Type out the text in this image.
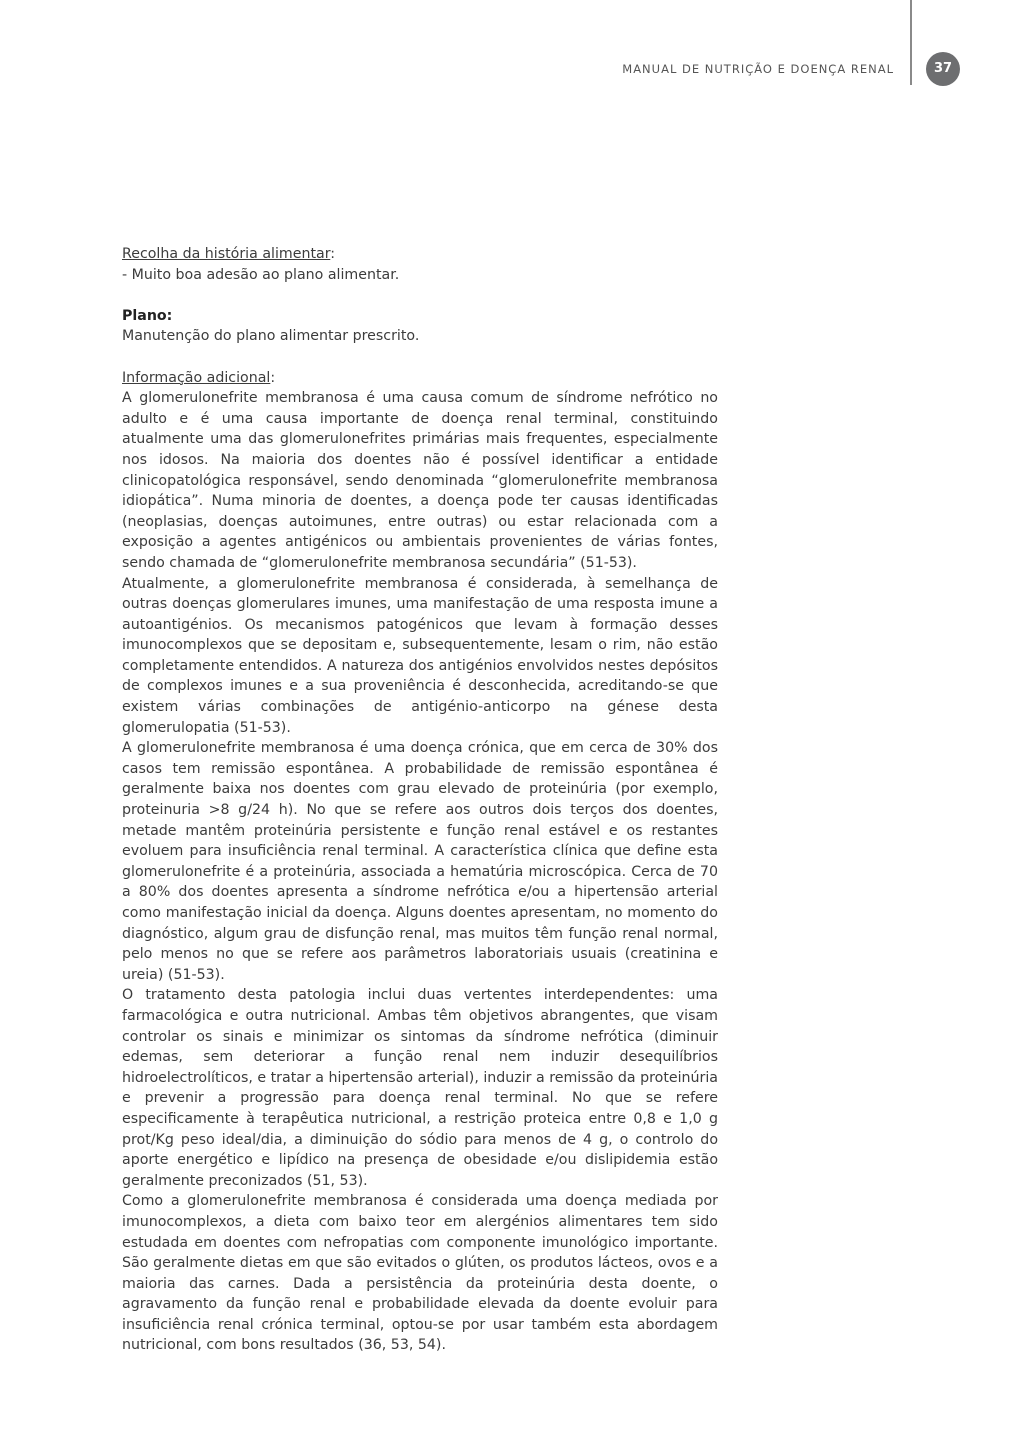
MANUAL DE NUTRIÇÃO E DOENÇA RENAL	37

Recolha da história alimentar:

- Muito boa adesão ao plano alimentar.

Plano:

Manutenção do plano alimentar prescrito.

Informação adicional:

A glomerulonefrite membranosa é uma causa comum de síndrome nefrótico no adulto e é uma causa importante de doença renal terminal, constituindo atualmente uma das glomerulonefrites primárias mais frequentes, especialmente nos idosos. Na maioria dos doentes não é possível identificar a entidade clinicopatológica responsável, sendo denominada “glomerulonefrite membranosa idiopática”. Numa minoria de doentes, a doença pode ter causas identificadas (neoplasias, doenças autoimunes, entre outras) ou estar relacionada com a exposição a agentes antigénicos ou ambientais provenientes de várias fontes, sendo chamada de “glomerulonefrite membranosa secundária” (51-53).

Atualmente, a glomerulonefrite membranosa é considerada, à semelhança de outras doenças glomerulares imunes, uma manifestação de uma resposta imune a autoantigénios. Os mecanismos patogénicos que levam à formação desses imunocomplexos que se depositam e, subsequentemente, lesam o rim, não estão completamente entendidos. A natureza dos antigénios envolvidos nestes depósitos de complexos imunes e a sua proveniência é desconhecida, acreditando-se que existem várias combinações de antigénio-anticorpo na génese desta glomerulopatia (51-53).

A glomerulonefrite membranosa é uma doença crónica, que em cerca de 30% dos casos tem remissão espontânea. A probabilidade de remissão espontânea é geralmente baixa nos doentes com grau elevado de proteinúria (por exemplo, proteinuria >8 g/24 h). No que se refere aos outros dois terços dos doentes, metade mantêm proteinúria persistente e função renal estável e os restantes evoluem para insuficiência renal terminal. A característica clínica que define esta glomerulonefrite é a proteinúria, associada a hematúria microscópica. Cerca de 70 a 80% dos doentes apresenta a síndrome nefrótica e/ou a hipertensão arterial como manifestação inicial da doença. Alguns doentes apresentam, no momento do diagnóstico, algum grau de disfunção renal, mas muitos têm função renal normal, pelo menos no que se refere aos parâmetros laboratoriais usuais (creatinina e ureia) (51-53).

O tratamento desta patologia inclui duas vertentes interdependentes: uma farmacológica e outra nutricional. Ambas têm objetivos abrangentes, que visam controlar os sinais e minimizar os sintomas da síndrome nefrótica (diminuir edemas, sem deteriorar a função renal nem induzir desequilíbrios hidroelectrolíticos, e tratar a hipertensão arterial), induzir a remissão da proteinúria e prevenir a progressão para doença renal terminal. No que se refere especificamente à terapêutica nutricional, a restrição proteica entre 0,8 e 1,0 g prot/Kg peso ideal/dia, a diminuição do sódio para menos de 4 g, o controlo do aporte energético e lipídico na presença de obesidade e/ou dislipidemia estão geralmente preconizados (51, 53).

Como a glomerulonefrite membranosa é considerada uma doença mediada por imunocomplexos, a dieta com baixo teor em alergénios alimentares tem sido estudada em doentes com nefropatias com componente imunológico importante. São geralmente dietas em que são evitados o glúten, os produtos lácteos, ovos e a maioria das carnes. Dada a persistência da proteinúria desta doente, o agravamento da função renal e probabilidade elevada da doente evoluir para insuficiência renal crónica terminal, optou-se por usar também esta abordagem nutricional, com bons resultados (36, 53, 54).
